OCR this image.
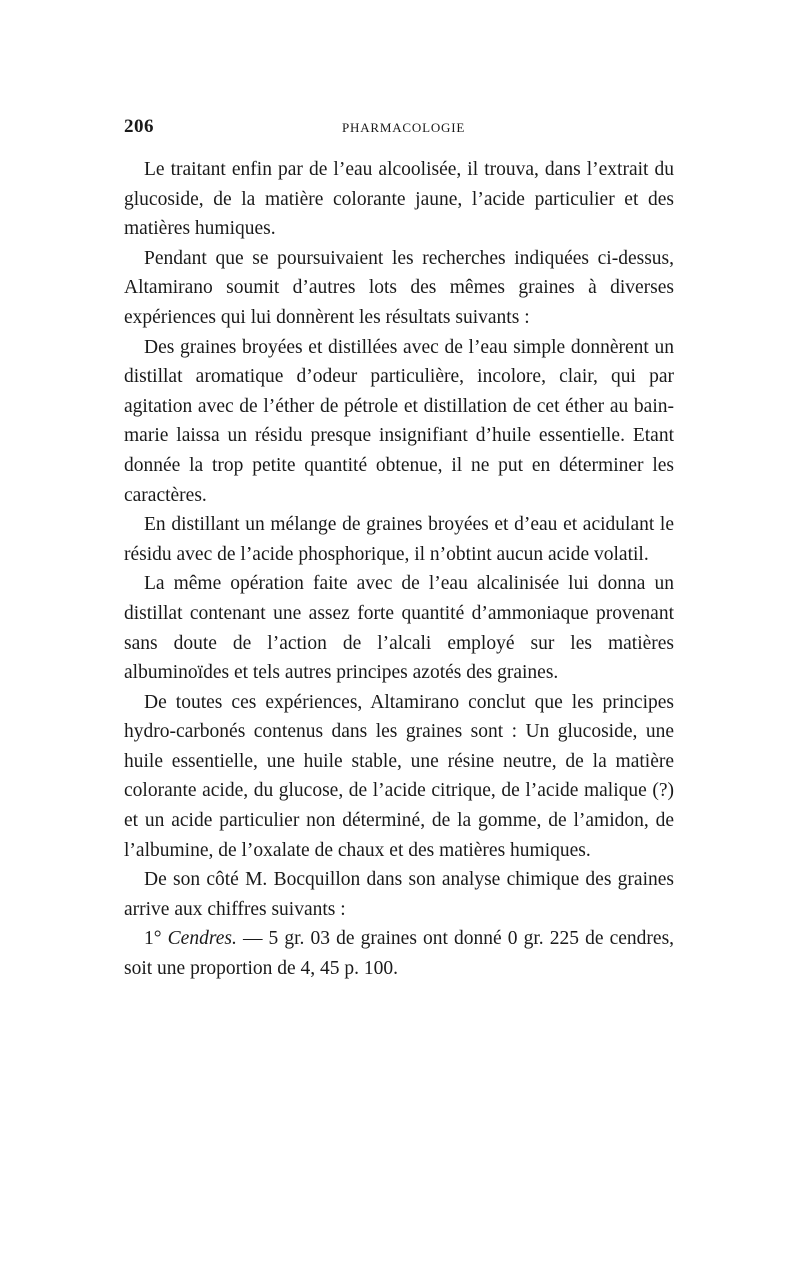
206	PHARMACOLOGIE

Le traitant enfin par de l’eau alcoolisée, il trouva, dans l’extrait du glucoside, de la matière colorante jaune, l’acide particulier et des matières humiques.

Pendant que se poursuivaient les recherches indiquées ci-dessus, Altamirano soumit d’autres lots des mêmes graines à diverses expériences qui lui donnèrent les résultats suivants :

Des graines broyées et distillées avec de l’eau simple donnèrent un distillat aromatique d’odeur particulière, incolore, clair, qui par agitation avec de l’éther de pétrole et distillation de cet éther au bain-marie laissa un résidu presque insignifiant d’huile essentielle. Etant donnée la trop petite quantité obtenue, il ne put en déterminer les caractères.

En distillant un mélange de graines broyées et d’eau et acidulant le résidu avec de l’acide phosphorique, il n’obtint aucun acide volatil.

La même opération faite avec de l’eau alcalinisée lui donna un distillat contenant une assez forte quantité d’ammoniaque provenant sans doute de l’action de l’alcali employé sur les matières albuminoïdes et tels autres principes azotés des graines.

De toutes ces expériences, Altamirano conclut que les principes hydro-carbonés contenus dans les graines sont : Un glucoside, une huile essentielle, une huile stable, une résine neutre, de la matière colorante acide, du glucose, de l’acide citrique, de l’acide malique (?) et un acide particulier non déterminé, de la gomme, de l’amidon, de l’albumine, de l’oxalate de chaux et des matières humiques.

De son côté M. Bocquillon dans son analyse chimique des graines arrive aux chiffres suivants :

1° Cendres. — 5 gr. 03 de graines ont donné 0 gr. 225 de cendres, soit une proportion de 4, 45 p. 100.
